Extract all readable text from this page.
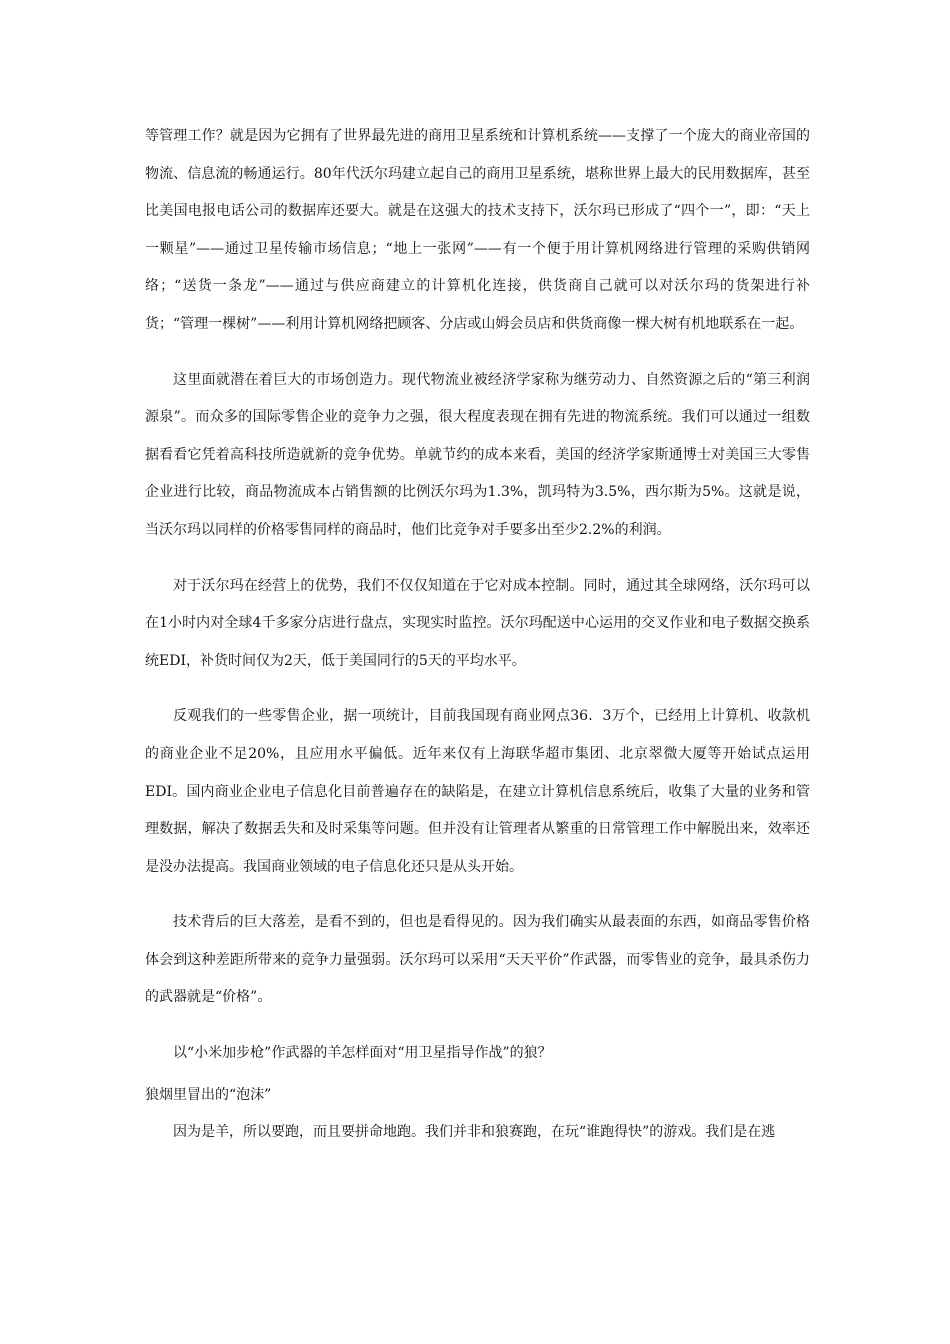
等管理工作？就是因为它拥有了世界最先进的商用卫星系统和计算机系统——支撑了一个庞大的商业帝国的物流、信息流的畅通运行。80年代沃尔玛建立起自己的商用卫星系统，堪称世界上最大的民用数据库，甚至比美国电报电话公司的数据库还要大。就是在这强大的技术支持下，沃尔玛已形成了“四个一”，即：“天上一颗星”——通过卫星传输市场信息；“地上一张网”——有一个便于用计算机网络进行管理的采购供销网络；“送货一条龙”——通过与供应商建立的计算机化连接，供货商自己就可以对沃尔玛的货架进行补货；“管理一棵树”——利用计算机网络把顾客、分店或山姆会员店和供货商像一棵大树有机地联系在一起。

这里面就潜在着巨大的市场创造力。现代物流业被经济学家称为继劳动力、自然资源之后的“第三利润源泉”。而众多的国际零售企业的竞争力之强，很大程度表现在拥有先进的物流系统。我们可以通过一组数据看看它凭着高科技所造就新的竞争优势。单就节约的成本来看，美国的经济学家斯通博士对美国三大零售企业进行比较，商品物流成本占销售额的比例沃尔玛为1.3%，凯玛特为3.5%，西尔斯为5%。这就是说，当沃尔玛以同样的价格零售同样的商品时，他们比竞争对手要多出至少2.2%的利润。

对于沃尔玛在经营上的优势，我们不仅仅知道在于它对成本控制。同时，通过其全球网络，沃尔玛可以在1小时内对全球4千多家分店进行盘点，实现实时监控。沃尔玛配送中心运用的交叉作业和电子数据交换系统EDI，补货时间仅为2天，低于美国同行的5天的平均水平。

反观我们的一些零售企业，据一项统计，目前我国现有商业网点36．3万个，已经用上计算机、收款机的商业企业不足20%，且应用水平偏低。近年来仅有上海联华超市集团、北京翠微大厦等开始试点运用EDI。国内商业企业电子信息化目前普遍存在的缺陷是，在建立计算机信息系统后，收集了大量的业务和管理数据，解决了数据丢失和及时采集等问题。但并没有让管理者从繁重的日常管理工作中解脱出来，效率还是没办法提高。我国商业领域的电子信息化还只是从头开始。

技术背后的巨大落差，是看不到的，但也是看得见的。因为我们确实从最表面的东西，如商品零售价格体会到这种差距所带来的竞争力量强弱。沃尔玛可以采用“天天平价”作武器，而零售业的竞争，最具杀伤力的武器就是“价格”。

以“小米加步枪”作武器的羊怎样面对“用卫星指导作战”的狼？

狼烟里冒出的“泡沫”

因为是羊，所以要跑，而且要拼命地跑。我们并非和狼赛跑，在玩“谁跑得快”的游戏。我们是在逃
